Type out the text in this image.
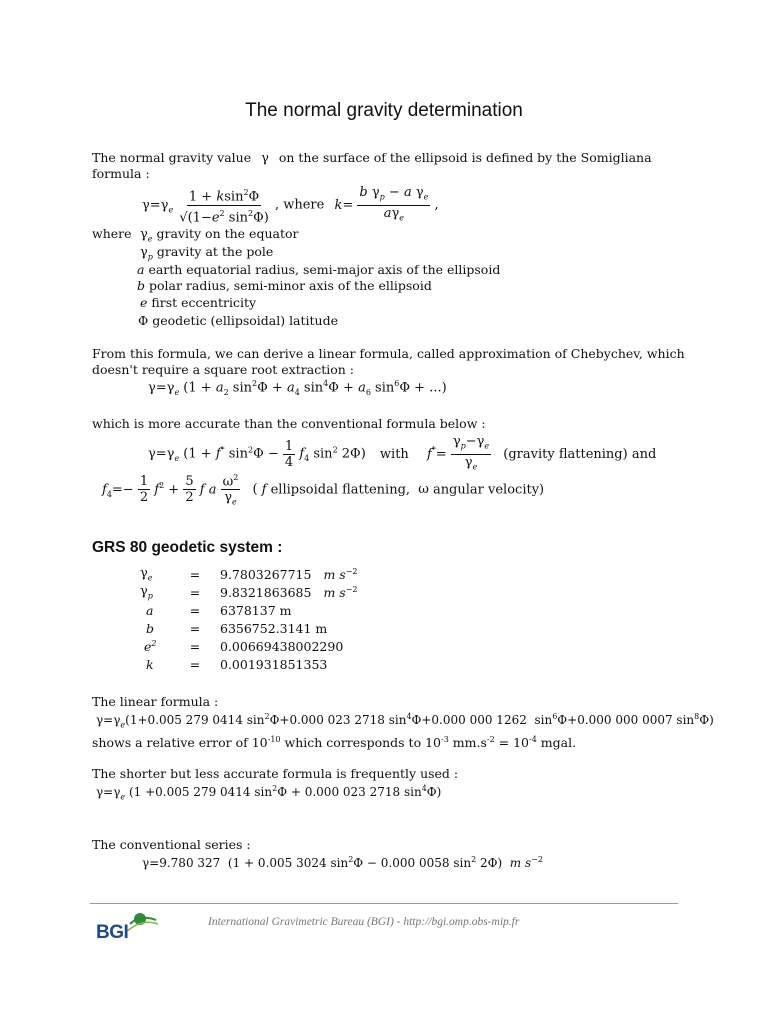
The normal gravity determination
The normal gravity value γ on the surface of the ellipsoid is defined by the Somigliana
formula :
$\gamma=\gamma_e \frac{1 + ksin^2\Phi}{√(1-e^2 \sin^2\Phi)}$ , where $k= \frac{b \gamma_p - a \gamma_e}{a\gamma_e}$ ,
where $\gamma_e$ gravity on the equator
$\gamma_p$ gravity at the pole
a earth equatorial radius, semi-major axis of the ellipsoid
b polar radius, semi-minor axis of the ellipsoid
e first eccentricity
Φ geodetic (ellipsoidal) latitude
From this formula, we can derive a linear formula, called approximation of Chebychev, which
doesn't require a square root extraction :
$\gamma=\gamma_e$ ($1 + a_2$ $\sin^2\Phi + a_4$ $\sin^4\Phi + a_6$ $\sin^6\Phi$ + ...)
which is more accurate than the conventional formula below :
$\gamma=\gamma_e$ (1 + f* $\sin^2\Phi - \frac{1}{4} f_4$ $\sin^2 2\Phi$) with $f^*= \frac{\gamma_p-\gamma_e}{\gamma_e}$ (gravity flattening) and
$f_4=- \frac{1}{2} f^2 + \frac{5}{2}$ f a $\frac{\omega^2}{\gamma_e}$ ( f ellipsoidal flattening, ω angular velocity)
GRS 80 geodetic system :
$\gamma_e$	=	9.7803267715 m $s^{-2}$
$\gamma_p$	=	9.8321863685 m $s^{-2}$
a	=	6378137 m
b	=	6356752.3141 m
$e^2$	=	0.00669438002290
k	=	0.001931851353
The linear formula :
$\gamma=\gamma_e(1+0.005$ 279 0414 $\sin^2\Phi+0.000$ 023 2718 $\sin^4\Phi+0.000$ 000 1262  $\sin^6\Phi+0.000$ 000 0007 $\sin^8\Phi$)
shows a relative error of $10^{-10}$ which corresponds to $10^{-3}$ $mm.s^{-2} = 10^{-4}$ mgal.
The shorter but less accurate formula is frequently used :
$\gamma=\gamma_e$ (1 +0.005 279 0414 $\sin^2\Phi + 0.000$ 023 2718 $\sin^4\Phi$)
The conventional series :
γ=9.780 327  (1 + 0.005 3024 $\sin^2\Phi - 0.000$ 0058 $\sin^2 2\Phi$)  m $s^{-2}$
BGI	International Gravimetric Bureau (BGI) - http://bgi.omp.obs-mip.fr
